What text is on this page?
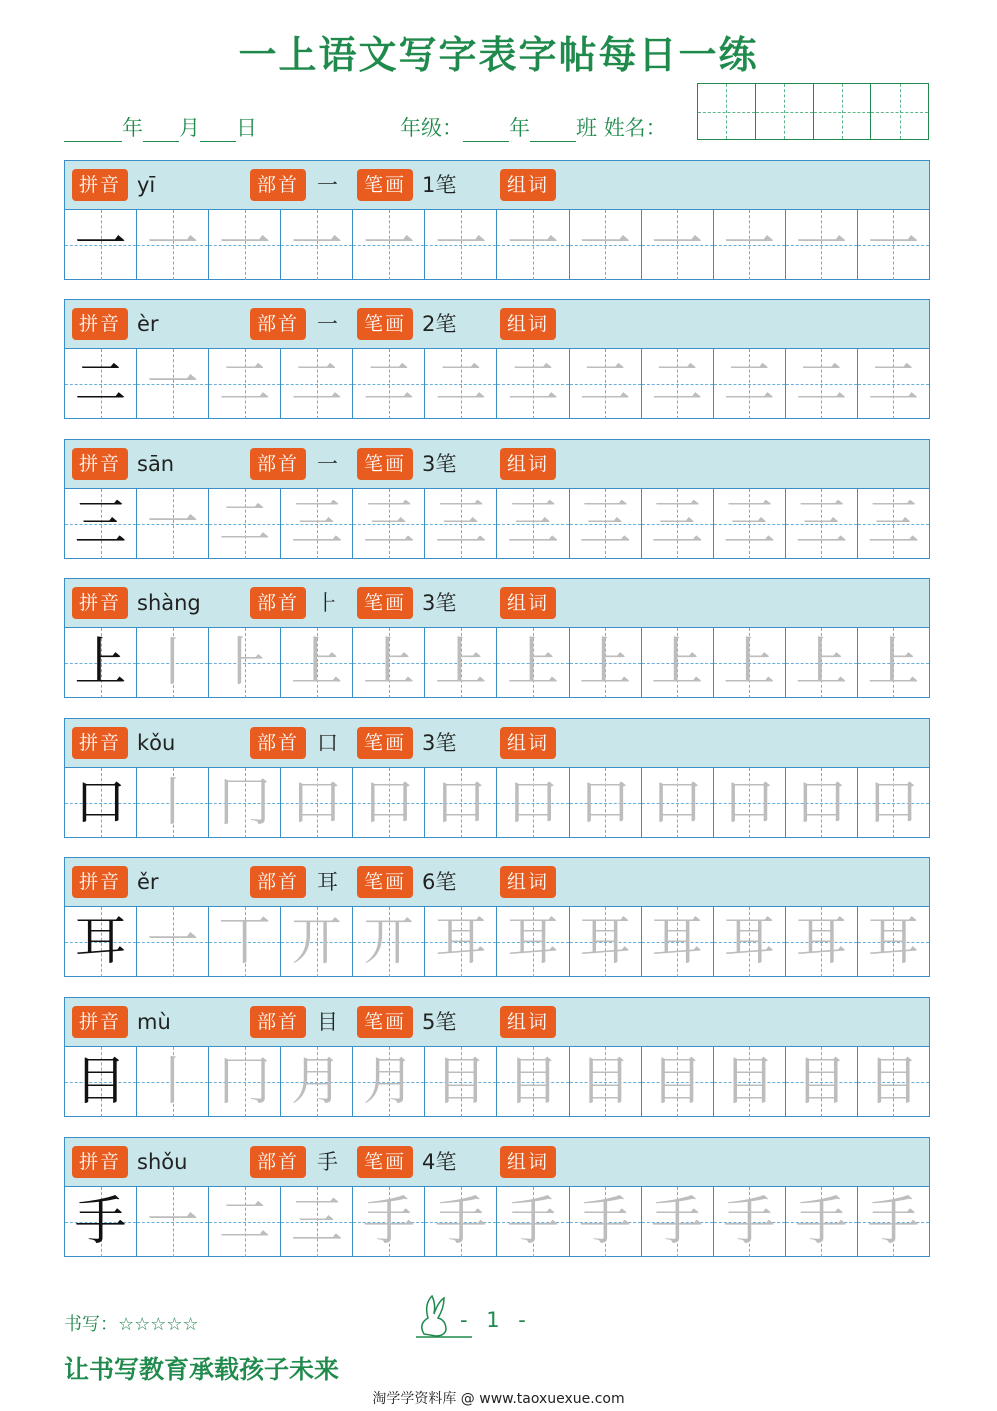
一上语文写字表字帖每日一练
年 月 日	年级： 年 班 姓名：
拼音 yī	部首 一	笔画 1笔	组词
一 一 一 一 一 一 一 一 一 一 一 一
拼音 èr	部首 一	笔画 2笔	组词
二 一 二 二 二 二 二 二 二 二 二 二
拼音 sān	部首 一	笔画 3笔	组词
三 一 二 三 三 三 三 三 三 三 三 三
拼音 shàng	部首 ⺊	笔画 3笔	组词
上 丨 ⺊ 上 上 上 上 上 上 上 上 上
拼音 kǒu	部首 口	笔画 3笔	组词
口 丨 冂 口 口 口 口 口 口 口 口 口
拼音 ěr	部首 耳	笔画 6笔	组词
耳 一 丅 丌 丌 耳 耳 耳 耳 耳 耳 耳
拼音 mù	部首 目	笔画 5笔	组词
目 丨 冂 月 月 目 目 目 目 目 目 目
拼音 shǒu	部首 手	笔画 4笔	组词
手 一 二 三 手 手 手 手 手 手 手 手
书写：☆☆☆☆☆	- 1 -
让书写教育承载孩子未来
淘学学资料库 @ www.taoxuexue.com
